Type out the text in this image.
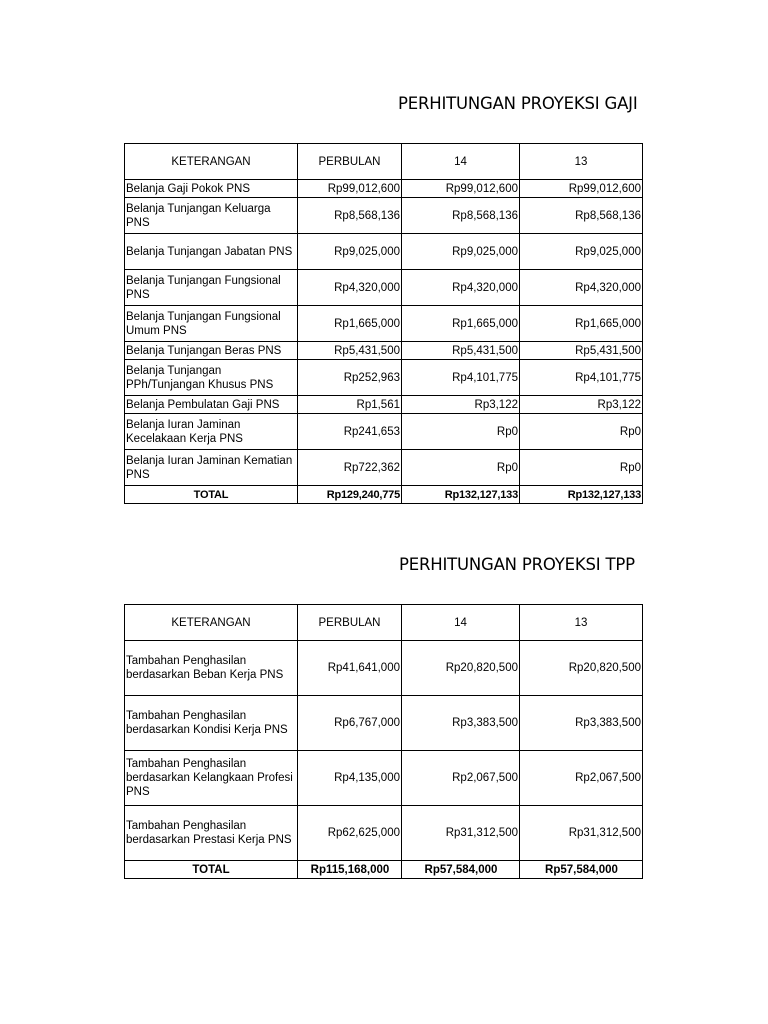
PERHITUNGAN PROYEKSI GAJI
KETERANGAN	PERBULAN	14	13
Belanja Gaji Pokok PNS	Rp99,012,600	Rp99,012,600	Rp99,012,600
Belanja Tunjangan Keluarga PNS	Rp8,568,136	Rp8,568,136	Rp8,568,136
Belanja Tunjangan Jabatan PNS	Rp9,025,000	Rp9,025,000	Rp9,025,000
Belanja Tunjangan Fungsional PNS	Rp4,320,000	Rp4,320,000	Rp4,320,000
Belanja Tunjangan Fungsional Umum PNS	Rp1,665,000	Rp1,665,000	Rp1,665,000
Belanja Tunjangan Beras PNS	Rp5,431,500	Rp5,431,500	Rp5,431,500
Belanja Tunjangan PPh/Tunjangan Khusus PNS	Rp252,963	Rp4,101,775	Rp4,101,775
Belanja Pembulatan Gaji PNS	Rp1,561	Rp3,122	Rp3,122
Belanja Iuran Jaminan Kecelakaan Kerja PNS	Rp241,653	Rp0	Rp0
Belanja Iuran Jaminan Kematian PNS	Rp722,362	Rp0	Rp0
TOTAL	Rp129,240,775	Rp132,127,133	Rp132,127,133
PERHITUNGAN PROYEKSI TPP
KETERANGAN	PERBULAN	14	13
Tambahan Penghasilan berdasarkan Beban Kerja PNS	Rp41,641,000	Rp20,820,500	Rp20,820,500
Tambahan Penghasilan berdasarkan Kondisi Kerja PNS	Rp6,767,000	Rp3,383,500	Rp3,383,500
Tambahan Penghasilan berdasarkan Kelangkaan Profesi PNS	Rp4,135,000	Rp2,067,500	Rp2,067,500
Tambahan Penghasilan berdasarkan Prestasi Kerja PNS	Rp62,625,000	Rp31,312,500	Rp31,312,500
TOTAL	Rp115,168,000	Rp57,584,000	Rp57,584,000
